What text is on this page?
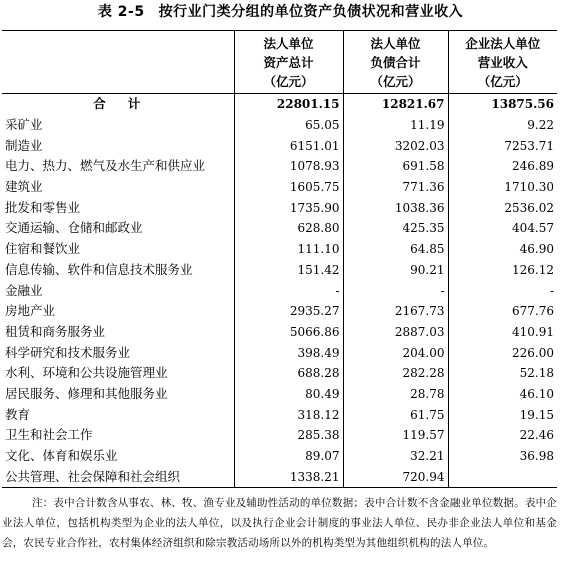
表 2-5 按行业门类分组的单位资产负债状况和营业收入

	法人单位
资产总计
（亿元）	法人单位
负债合计
（亿元）	企业法人单位
营业收入
（亿元）

合计	22801.15	12821.67	13875.56
采矿业	65.05	11.19	9.22
制造业	6151.01	3202.03	7253.71
电力、热力、燃气及水生产和供应业	1078.93	691.58	246.89
建筑业	1605.75	771.36	1710.30
批发和零售业	1735.90	1038.36	2536.02
交通运输、仓储和邮政业	628.80	425.35	404.57
住宿和餐饮业	111.10	64.85	46.90
信息传输、软件和信息技术服务业	151.42	90.21	126.12
金融业	-	-	-
房地产业	2935.27	2167.73	677.76
租赁和商务服务业	5066.86	2887.03	410.91
科学研究和技术服务业	398.49	204.00	226.00
水利、环境和公共设施管理业	688.28	282.28	52.18
居民服务、修理和其他服务业	80.49	28.78	46.10
教育	318.12	61.75	19.15
卫生和社会工作	285.38	119.57	22.46
文化、体育和娱乐业	89.07	32.21	36.98
公共管理、社会保障和社会组织	1338.21	720.94	
注：表中合计数含从事农、林、牧、渔专业及辅助性活动的单位数据；表中合计数不含金融业单位数据。表中企业法人单位，包括机构类型为企业的法人单位，以及执行企业会计制度的事业法人单位、民办非企业法人单位和基金会，农民专业合作社，农村集体经济组织和除宗教活动场所以外的机构类型为其他组织机构的法人单位。
